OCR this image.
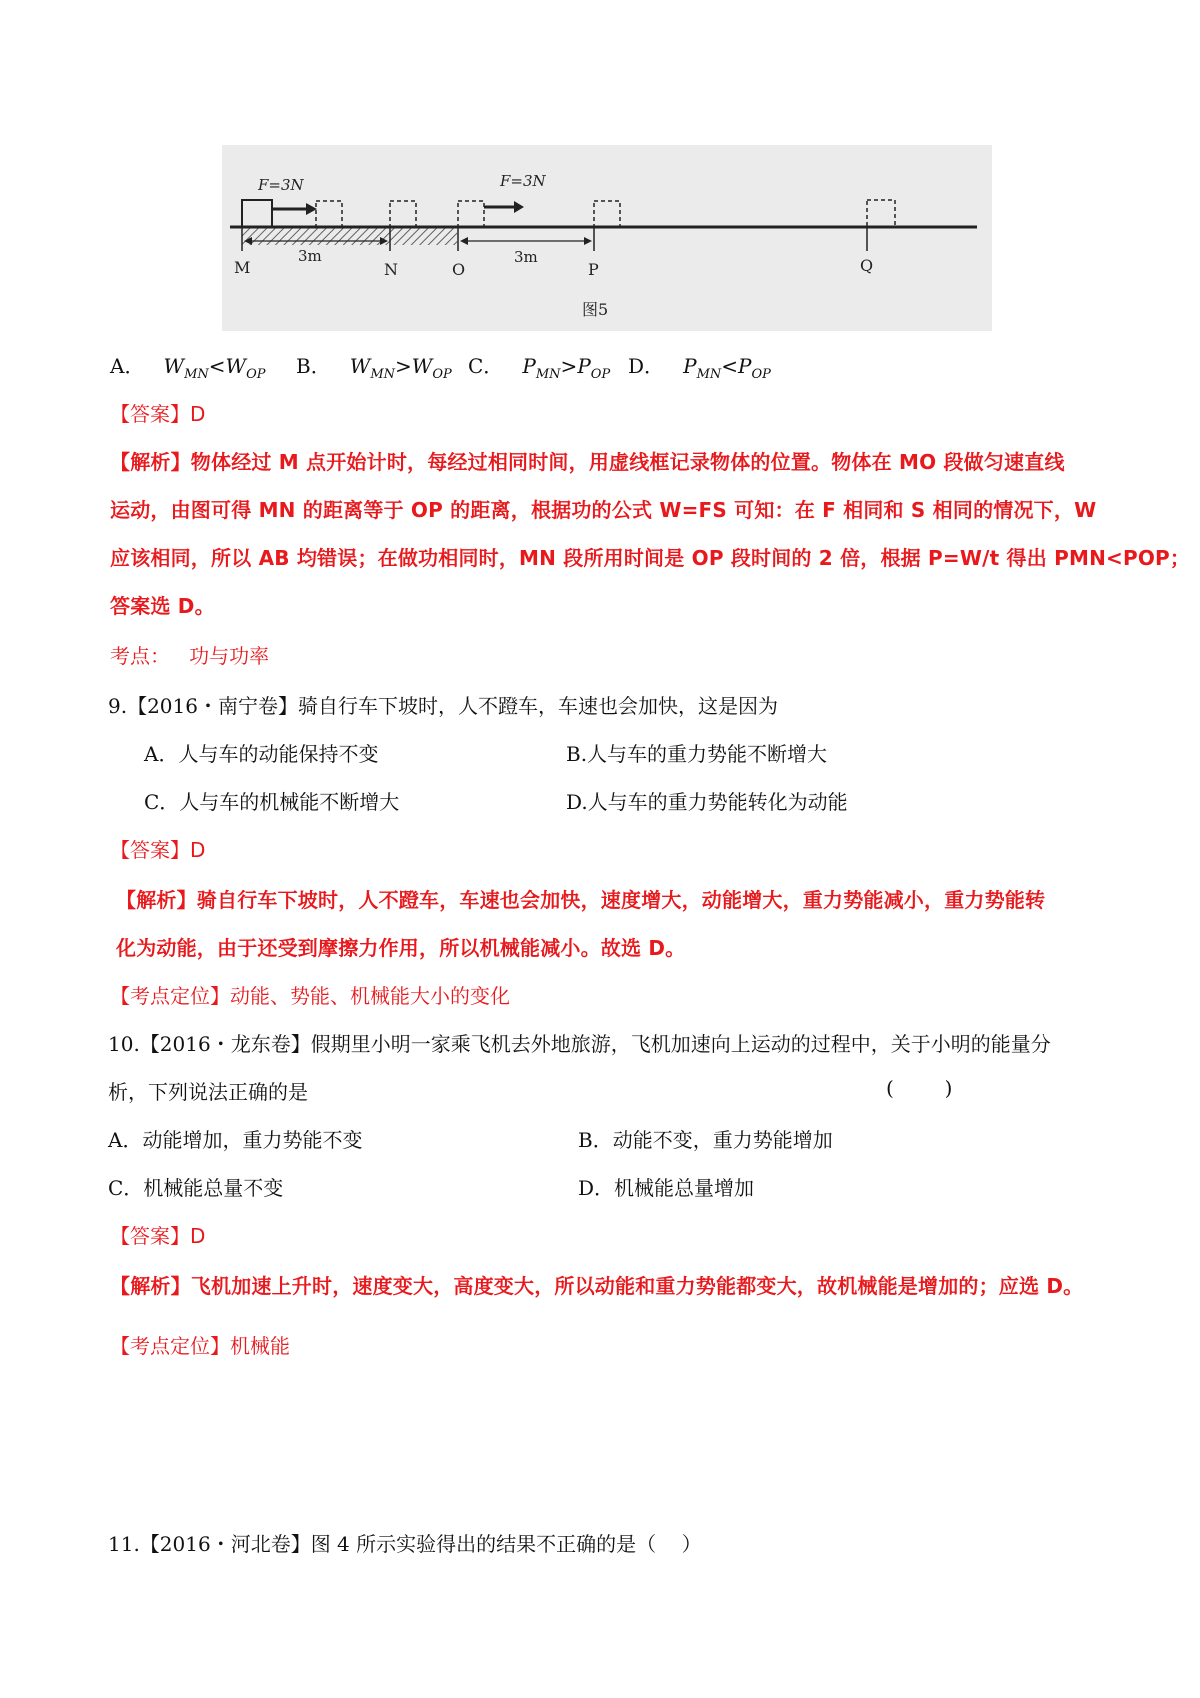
F=3N	F=3N
3m	3m
M	N	O	P	Q
图5
A． $W_{MN}<W_{OP}$ B． $W_{MN}>W_{OP}$ C． $P_{MN}>P_{OP}$ D． $P_{MN}<P_{OP}$
【答案】D
【解析】物体经过 M 点开始计时，每经过相同时间，用虚线框记录物体的位置。物体在 MO 段做匀速直线
运动，由图可得 MN 的距离等于 OP 的距离，根据功的公式 W=FS 可知：在 F 相同和 S 相同的情况下，W
应该相同，所以 AB 均错误；在做功相同时，MN 段所用时间是 OP 段时间的 2 倍，根据 P=W/t 得出 PMN<POP；
答案选 D。
考点：   功与功率
9.【2016・南宁卷】骑自行车下坡时，人不蹬车，车速也会加快，这是因为
A．人与车的动能保持不变	B.人与车的重力势能不断增大
C．人与车的机械能不断增大	D.人与车的重力势能转化为动能
【答案】D
【解析】骑自行车下坡时，人不蹬车，车速也会加快，速度增大，动能增大，重力势能减小，重力势能转
化为动能，由于还受到摩擦力作用，所以机械能减小。故选 D。
【考点定位】动能、势能、机械能大小的变化
10.【2016・龙东卷】假期里小明一家乘飞机去外地旅游，飞机加速向上运动的过程中，关于小明的能量分
析，下列说法正确的是	(        )
A．动能增加，重力势能不变	B．动能不变，重力势能增加
C．机械能总量不变	D．机械能总量增加
【答案】D
【解析】飞机加速上升时，速度变大，高度变大，所以动能和重力势能都变大，故机械能是增加的；应选 D。
【考点定位】机械能
11.【2016・河北卷】图 4 所示实验得出的结果不正确的是（    ）
